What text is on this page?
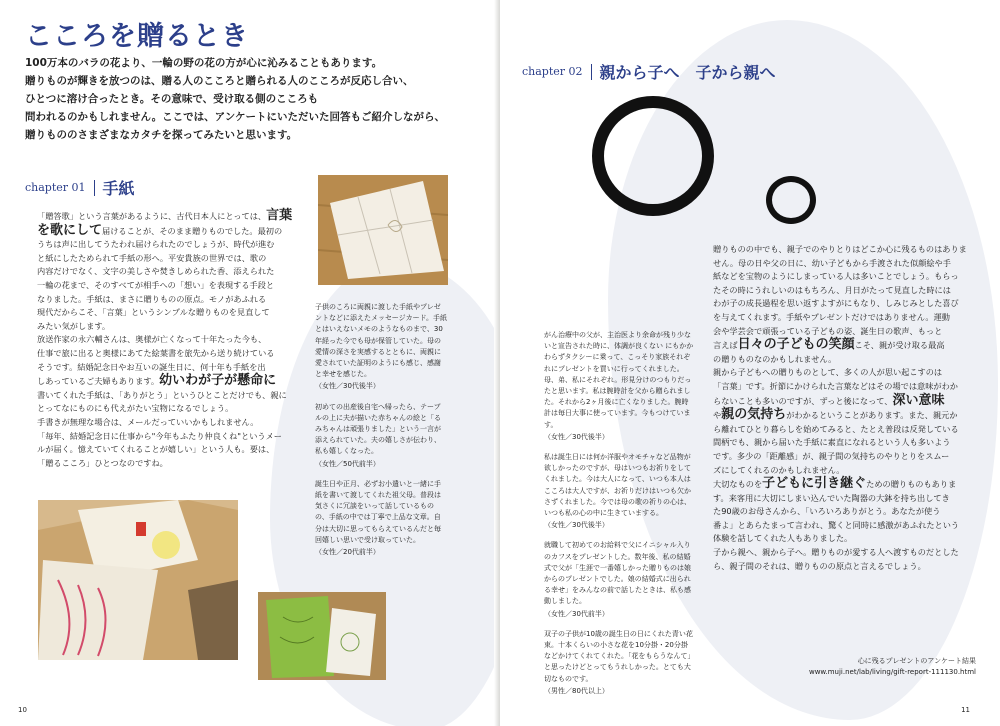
こころを贈るとき

100万本のバラの花より、一輪の野の花の方が心に沁みることもあります。

贈りものが輝きを放つのは、贈る人のこころと贈られる人のこころが反応し合い、

ひとつに溶け合ったとき。その意味で、受け取る側のこころも

問われるのかもしれません。ここでは、アンケートにいただいた回答もご紹介しながら、

贈りもののさまざまなカタチを探ってみたいと思います。

chapter 01 手紙
「贈答歌」という言葉があるように、古代日本人にとっては、言葉
を歌にして届けることが、そのまま贈りものでした。最初の
うちは声に出してうたわれ届けられたのでしょうが、時代が進む
と紙にしたためられて手紙の形へ。平安貴族の世界では、歌の
内容だけでなく、文字の美しさや焚きしめられた香、添えられた
一輪の花まで、そのすべてが相手への「想い」を表現する手段と
なりました。手紙は、まさに贈りものの原点。モノがあふれる
現代だからこそ、「言葉」というシンプルな贈りものを見直して
みたい気がします。
放送作家の永六輔さんは、奥様が亡くなって十年たった今も、
仕事で旅に出ると奥様にあてた絵葉書を旅先から送り続けている
そうです。結婚記念日やお互いの誕生日に、何十年も手紙を出
しあっているご夫婦もあります。幼いわが子が懸命に
書いてくれた手紙は、「ありがとう」というひとことだけでも、親に
とってなにものにも代えがたい宝物になるでしょう。
手書きが無理な場合は、メールだっていいかもしれません。
「毎年、結婚記念日に仕事から"今年もふたり仲良くね"というメー
ルが届く。憶えていてくれることが嬉しい」という人も。要は、
「贈るこころ」ひとつなのですね。

子供のころに両親に渡した手紙やプレゼントなどに添えたメッセージカード。手紙とはいえないメモのようなものまで、30年経った今でも母が保管していた。母の愛情の深さを実感するとともに、両親に愛されていた証明のようにも感じ、感謝と幸せを感じた。

（女性／30代後半）

初めての出産後自宅へ帰ったら、テーブルの上に夫が描いた赤ちゃんの絵と「るみちゃんは頑張りました」という一言が添えられていた。夫の嬉しさが伝わり、私も嬉しくなった。

（女性／50代前半）

誕生日や正月、必ずお小遣いと一緒に手紙を書いて渡してくれた祖父母。普段は気さくに冗談をいって話しているものの、手紙の中では丁寧で上品な文章。自分は大切に思ってもらえているんだと毎回嬉しい思いで受け取っていた。

（女性／20代前半）
10
chapter 02 親から子へ　子から親へ

がん治療中の父が、主治医より余命が残り少ないと宣告された時に、体調が良くない にもかかわらずタクシーに乗って、こっそり家族それぞれにプレゼントを買いに行ってくれました。母、弟、私にそれぞれ。形見分けのつもりだったと思います。私は腕時計を父から贈られました。それから2ヶ月後に亡くなりました。腕時計は毎日大事に使っています。今もつけています。

（女性／30代後半）

私は誕生日には何か洋服やオモチャなど品物が欲しかったのですが、母はいつもお祈りをしてくれました。今は大人になって、いつも本人はこころは大人ですが、お祈りだけはいつも欠かさずくれました。今では母の歌の祈りの心は、いつも私の心の中に生きていまする。

（女性／30代後半）

就職して初めてのお給料で父にイニシャル入りのカフスをプレゼントした。数年後、私の結婚式で父が「生涯で一番嬉しかった贈りものは娘からのプレゼントでした。娘の結婚式に出られる幸せ」をみんなの前で話したときは、私も感動しました。

（女性／30代前半）

双子の子供が10歳の誕生日の日にくれた青い花束。十本くらいの小さな花を10分掛・20分掛などかけてくれてくれた。「花をもらうなんて」と思ったけどとってもうれしかった。とても大切なものです。

（男性／80代以上）
贈りものの中でも、親子でのやりとりはどこか心に残るものはありま
せん。母の日や父の日に、幼い子どもから手渡された似顔絵や手
紙などを宝物のようにしまっている人は多いことでしょう。もらっ
たその時にうれしいのはもちろん、月日がたって見直した時には
わが子の成長過程を思い返すよすがにもなり、しみじみとした喜び
を与えてくれます。手紙やプレゼントだけではありません。運動
会や学芸会で頑張っている子どもの姿、誕生日の歌声、もっと
言えば日々の子どもの笑顔こそ、親が受け取る最高
の贈りものなのかもしれません。
親から子どもへの贈りものとして、多くの人が思い起こすのは
「言葉」です。折節にかけられた言葉などはその場では意味がわか
らないことも多いのですが、ずっと後になって、深い意味
や親の気持ちがわかるということがあります。また、親元か
ら離れてひとり暮らしを始めてみると、たとえ普段は反発している
間柄でも、親から届いた手紙に素直になれるという人も多いよう
です。多少の「距離感」が、親子間の気持ちのやりとりをスムー
ズにしてくれるのかもしれません。
大切なものを子どもに引き継ぐための贈りものもありま
す。来客用に大切にしまい込んでいた陶器の大鉢を持ち出してき
た90歳のお母さんから、「いろいろありがとう。あなたが使う
番よ」とあらたまって言われ、驚くと同時に感激があふれたという
体験を話してくれた人もありました。
子から親へ、親から子へ。贈りものが愛する人へ渡すものだとした
ら、親子間のそれは、贈りものの原点と言えるでしょう。
心に残るプレゼントのアンケート結果
www.muji.net/lab/living/gift-report-111130.html
11
